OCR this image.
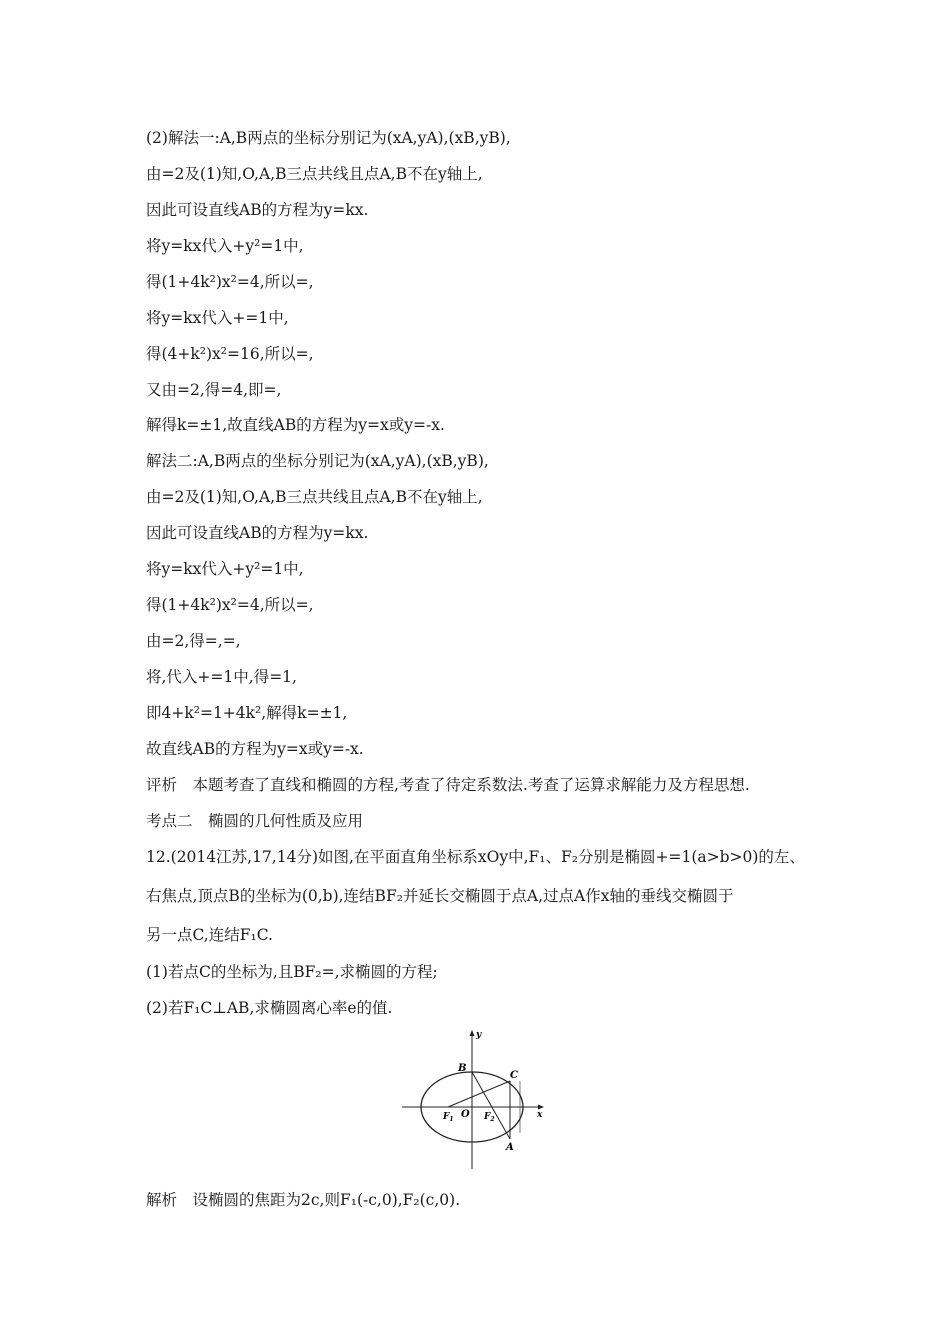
(2)解法一:A,B两点的坐标分别记为(xA,yA),(xB,yB),
由=2及(1)知,O,A,B三点共线且点A,B不在y轴上,
因此可设直线AB的方程为y=kx.
将y=kx代入+y²=1中,
得(1+4k²)x²=4,所以=,
将y=kx代入+=1中,
得(4+k²)x²=16,所以=,
又由=2,得=4,即=,
解得k=±1,故直线AB的方程为y=x或y=-x.
解法二:A,B两点的坐标分别记为(xA,yA),(xB,yB),
由=2及(1)知,O,A,B三点共线且点A,B不在y轴上,
因此可设直线AB的方程为y=kx.
将y=kx代入+y²=1中,
得(1+4k²)x²=4,所以=,
由=2,得=,=,
将,代入+=1中,得=1,
即4+k²=1+4k²,解得k=±1,
故直线AB的方程为y=x或y=-x.
评析　本题考查了直线和椭圆的方程,考查了待定系数法.考查了运算求解能力及方程思想.
考点二　椭圆的几何性质及应用
12.(2014江苏,17,14分)如图,在平面直角坐标系xOy中,F₁、F₂分别是椭圆+=1(a>b>0)的左、
右焦点,顶点B的坐标为(0,b),连结BF₂并延长交椭圆于点A,过点A作x轴的垂线交椭圆于
另一点C,连结F₁C.
(1)若点C的坐标为,且BF₂=,求椭圆的方程;
(2)若F₁C⊥AB,求椭圆离心率e的值.
y
x
B
C
O
$F_1$	$F_2$
A
解析　设椭圆的焦距为2c,则F₁(-c,0),F₂(c,0).
